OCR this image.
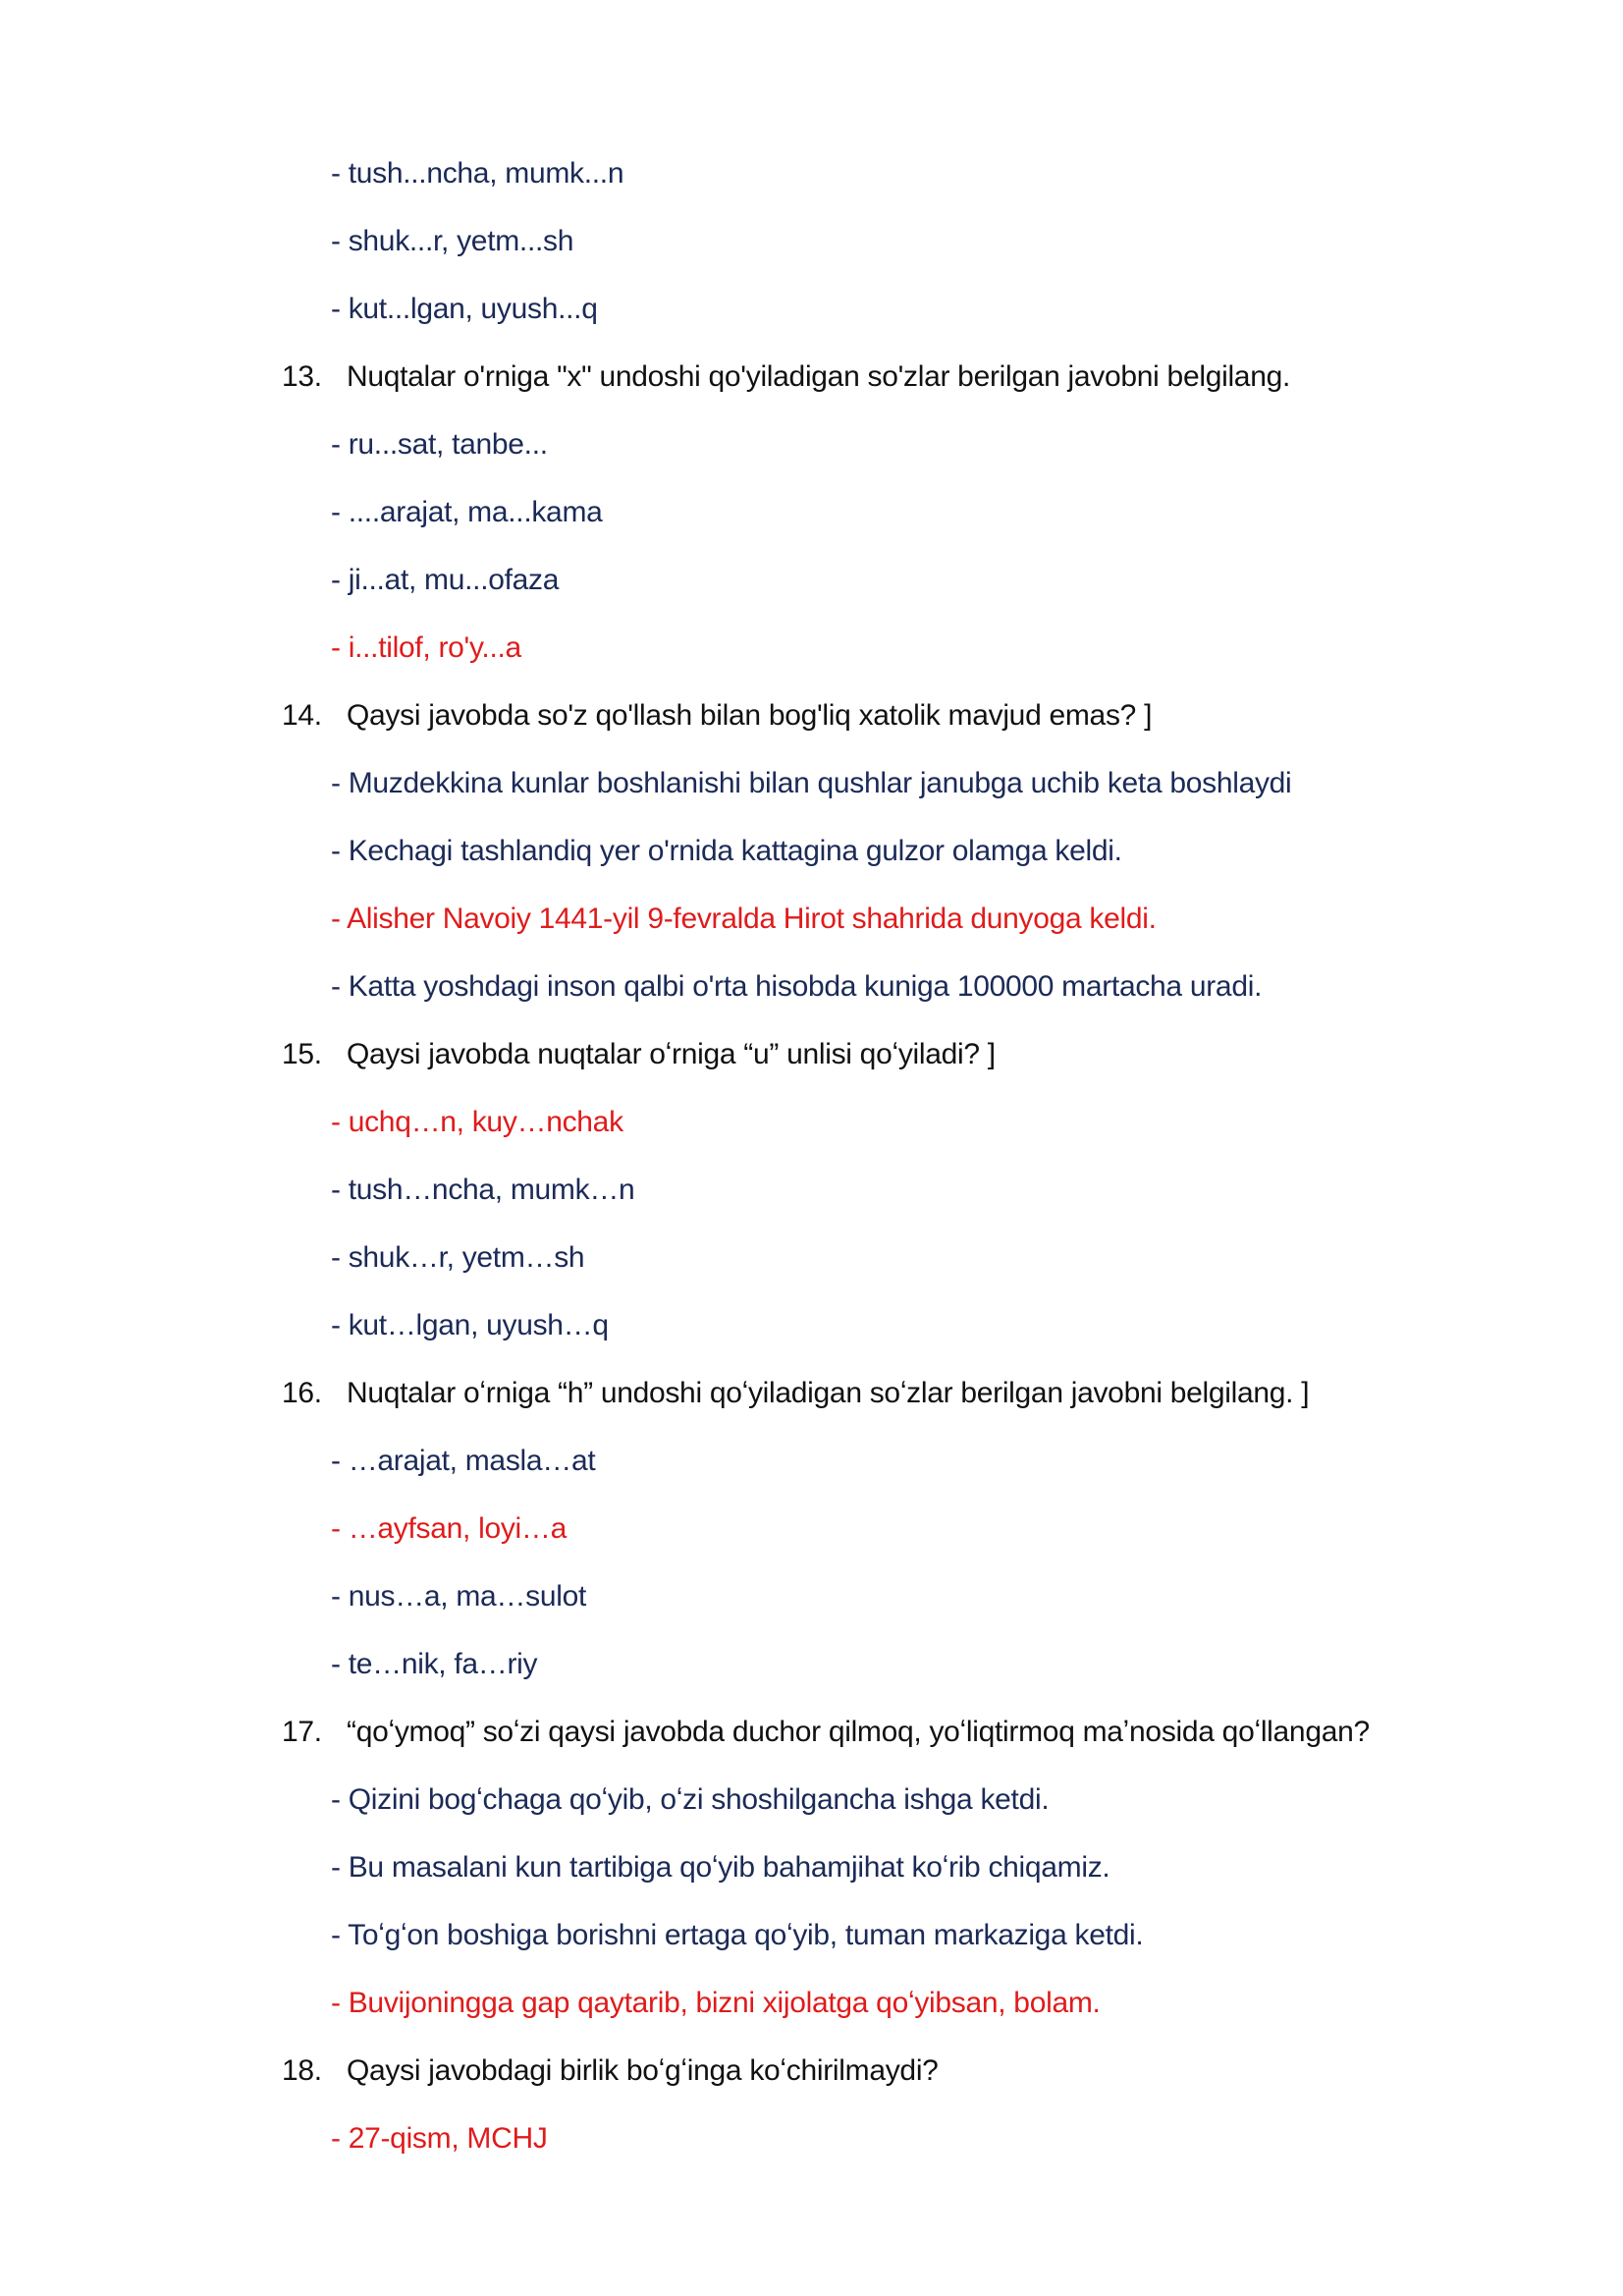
- tush...ncha, mumk...n
- shuk...r, yetm...sh
- kut...lgan, uyush...q
13. Nuqtalar o'rniga "x" undoshi qo'yiladigan so'zlar berilgan javobni belgilang.
- ru...sat, tanbe...
- ....arajat, ma...kama
- ji...at, mu...ofaza
- i...tilof, ro'y...a
14. Qaysi javobda so'z qo'llash bilan bog'liq xatolik mavjud emas? ]
- Muzdekkina kunlar boshlanishi bilan qushlar janubga uchib keta boshlaydi
- Kechagi tashlandiq yer o'rnida kattagina gulzor olamga keldi.
- Alisher Navoiy 1441-yil 9-fevralda Hirot shahrida dunyoga keldi.
- Katta yoshdagi inson qalbi o'rta hisobda kuniga 100000 martacha uradi.
15. Qaysi javobda nuqtalar oʻrniga “u” unlisi qoʻyiladi? ]
- uchq…n, kuy…nchak
- tush…ncha, mumk…n
- shuk…r, yetm…sh
- kut…lgan, uyush…q
16. Nuqtalar oʻrniga “h” undoshi qoʻyiladigan soʻzlar berilgan javobni belgilang. ]
- …arajat, masla…at
- …ayfsan, loyi…a
- nus…a, ma…sulot
- te…nik, fa…riy
17. “qoʻymoq” soʻzi qaysi javobda duchor qilmoq, yoʻliqtirmoq maʼnosida qoʻllangan?
- Qizini bogʻchaga qoʻyib, oʻzi shoshilgancha ishga ketdi.
- Bu masalani kun tartibiga qoʻyib bahamjihat koʻrib chiqamiz.
- Toʻgʻon boshiga borishni ertaga qoʻyib, tuman markaziga ketdi.
- Buvijoningga gap qaytarib, bizni xijolatga qoʻyibsan, bolam.
18. Qaysi javobdagi birlik boʻgʻinga koʻchirilmaydi?
- 27-qism, MCHJ
